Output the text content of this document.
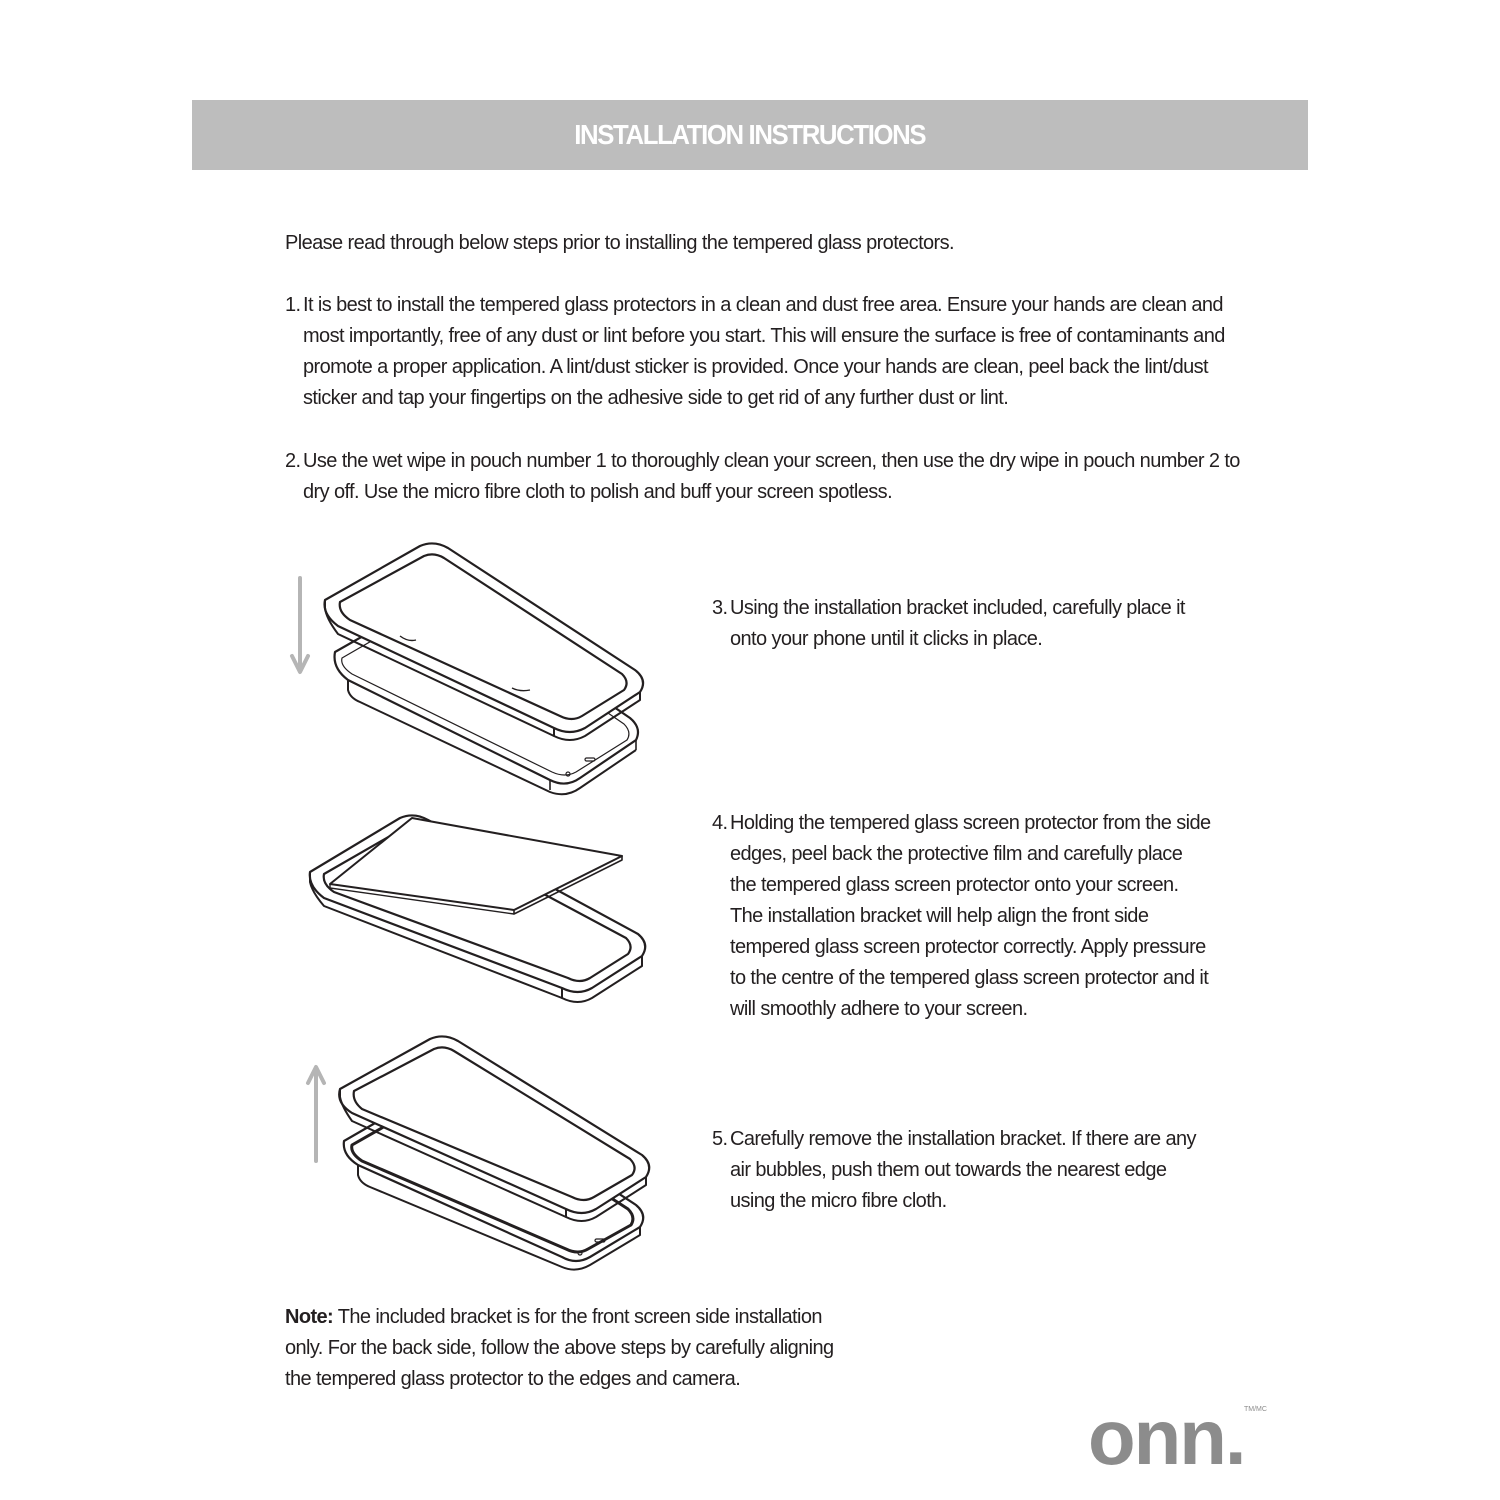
INSTALLATION INSTRUCTIONS
Please read through below steps prior to installing the tempered glass protectors.
1. It is best to install the tempered glass protectors in a clean and dust free area. Ensure your hands are clean and most importantly, free of any dust or lint before you start. This will ensure the surface is free of contaminants and promote a proper application. A lint/dust sticker is provided. Once your hands are clean, peel back the lint/dust sticker and tap your fingertips on the adhesive side to get rid of any further dust or lint.
2. Use the wet wipe in pouch number 1 to thoroughly clean your screen, then use the dry wipe in pouch number 2 to dry off. Use the micro fibre cloth to polish and buff your screen spotless.
3. Using the installation bracket included, carefully place it onto your phone until it clicks in place.
4. Holding the tempered glass screen protector from the side edges, peel back the protective film and carefully place the tempered glass screen protector onto your screen. The installation bracket will help align the front side tempered glass screen protector correctly. Apply pressure to the centre of the tempered glass screen protector and it will smoothly adhere to your screen.
5. Carefully remove the installation bracket. If there are any air bubbles, push them out towards the nearest edge using the micro fibre cloth.
Note: The included bracket is for the front screen side installation only. For the back side, follow the above steps by carefully aligning the tempered glass protector to the edges and camera.
onn. TM/MC
